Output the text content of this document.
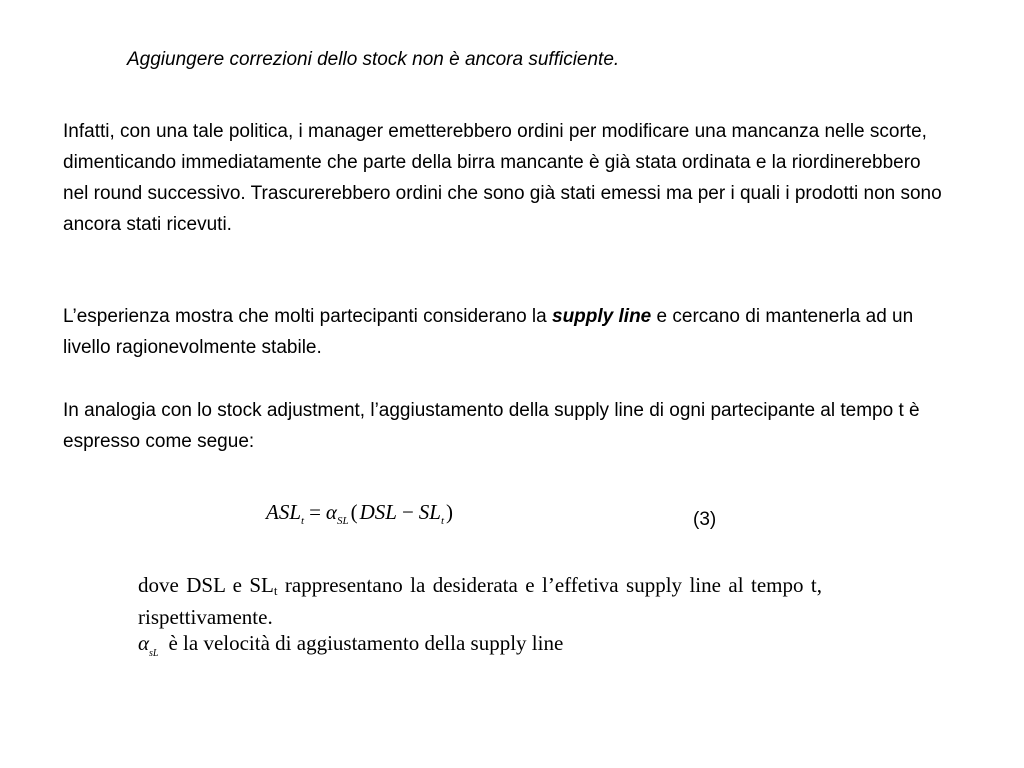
Aggiungere correzioni dello stock non è ancora sufficiente.
Infatti, con una tale politica, i manager emetterebbero ordini per modificare una mancanza nelle scorte, dimenticando immediatamente che parte della birra mancante è già stata ordinata e la riordinerebbero nel round successivo. Trascurerebbero ordini che sono già stati emessi ma per i quali i prodotti non sono ancora stati ricevuti.
L’esperienza mostra che molti partecipanti considerano la supply line e cercano di mantenerla ad un livello ragionevolmente stabile.
In analogia con lo stock adjustment, l’aggiustamento della supply line di ogni partecipante al tempo t è espresso come segue:
$ASL_t = \alpha_{SL}(DSL - SL_t)$	(3)
dove DSL e $SL_t$ rappresentano la desiderata e l’effetiva supply line al tempo t, rispettivamente.
$\alpha_{sL}$ è la velocità di aggiustamento della supply line
